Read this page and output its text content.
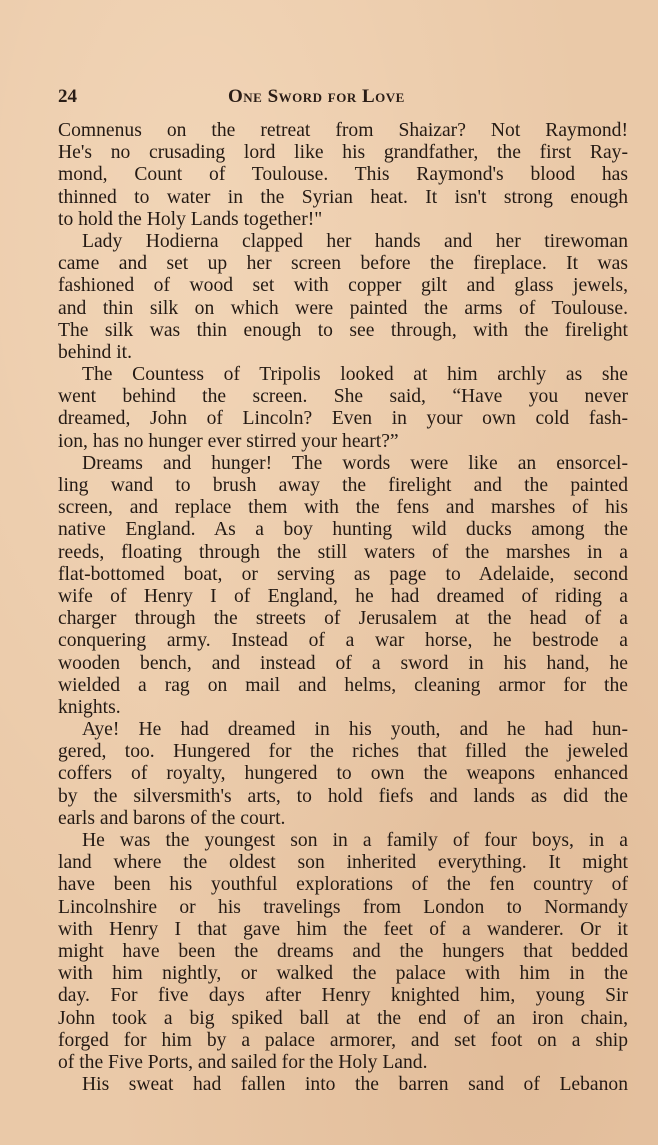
24	One Sword for Love
Comnenus on the retreat from Shaizar? Not Raymond!
He's no crusading lord like his grandfather, the first Ray-
mond, Count of Toulouse. This Raymond's blood has
thinned to water in the Syrian heat. It isn't strong enough
to hold the Holy Lands together!"
Lady Hodierna clapped her hands and her tirewoman
came and set up her screen before the fireplace. It was
fashioned of wood set with copper gilt and glass jewels,
and thin silk on which were painted the arms of Toulouse.
The silk was thin enough to see through, with the firelight
behind it.
The Countess of Tripolis looked at him archly as she
went behind the screen. She said, “Have you never
dreamed, John of Lincoln? Even in your own cold fash-
ion, has no hunger ever stirred your heart?”
Dreams and hunger! The words were like an ensorcel-
ling wand to brush away the firelight and the painted
screen, and replace them with the fens and marshes of his
native England. As a boy hunting wild ducks among the
reeds, floating through the still waters of the marshes in a
flat-bottomed boat, or serving as page to Adelaide, second
wife of Henry I of England, he had dreamed of riding a
charger through the streets of Jerusalem at the head of a
conquering army. Instead of a war horse, he bestrode a
wooden bench, and instead of a sword in his hand, he
wielded a rag on mail and helms, cleaning armor for the
knights.
Aye! He had dreamed in his youth, and he had hun-
gered, too. Hungered for the riches that filled the jeweled
coffers of royalty, hungered to own the weapons enhanced
by the silversmith's arts, to hold fiefs and lands as did the
earls and barons of the court.
He was the youngest son in a family of four boys, in a
land where the oldest son inherited everything. It might
have been his youthful explorations of the fen country of
Lincolnshire or his travelings from London to Normandy
with Henry I that gave him the feet of a wanderer. Or it
might have been the dreams and the hungers that bedded
with him nightly, or walked the palace with him in the
day. For five days after Henry knighted him, young Sir
John took a big spiked ball at the end of an iron chain,
forged for him by a palace armorer, and set foot on a ship
of the Five Ports, and sailed for the Holy Land.
His sweat had fallen into the barren sand of Lebanon
